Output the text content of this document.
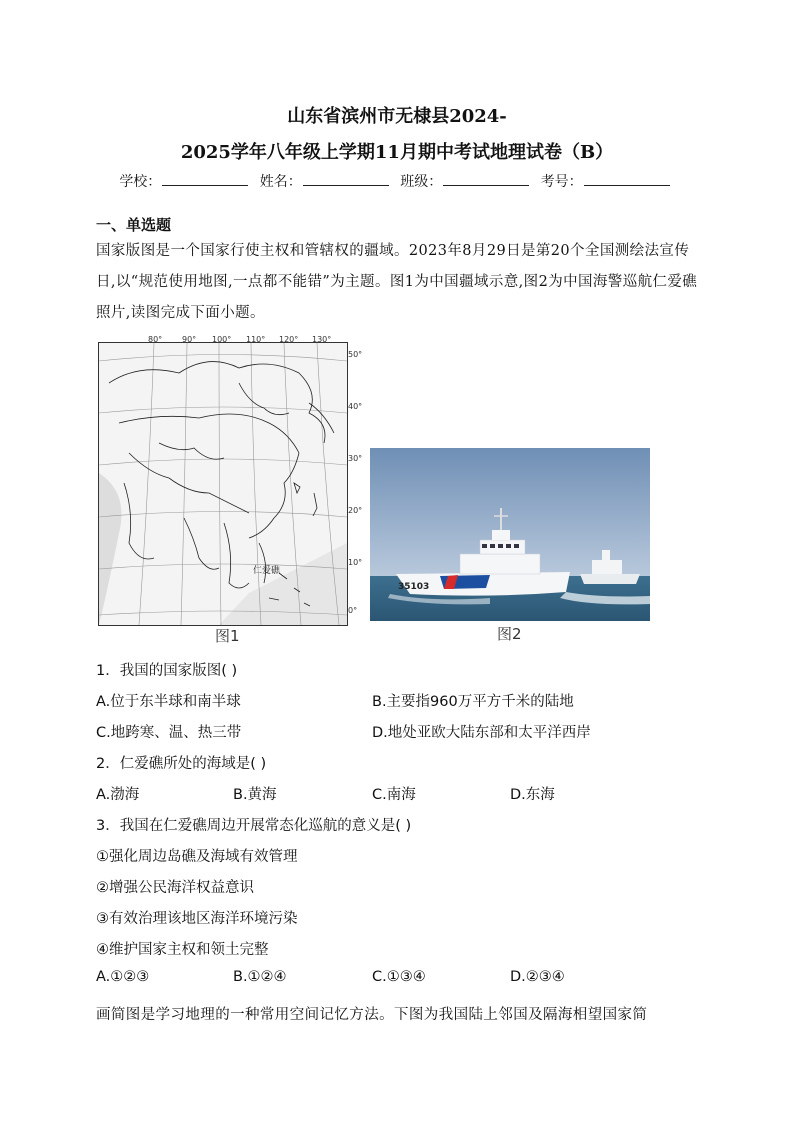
山东省滨州市无棣县2024-
2025学年八年级上学期11月期中考试地理试卷（B）
学校：	姓名：	班级：	考号：
一、单选题
国家版图是一个国家行使主权和管辖权的疆域。2023年8月29日是第20个全国测绘法宣传日,以“规范使用地图,一点都不能错”为主题。图1为中国疆域示意,图2为中国海警巡航仁爱礁照片,读图完成下面小题。
仁爱礁
80° 90° 100° 110° 120° 130°
50°
40°
30°
20°
10°
0°
图1
35103
图2
1．我国的国家版图( )
A.位于东半球和南半球	B.主要指960万平方千米的陆地
C.地跨寒、温、热三带	D.地处亚欧大陆东部和太平洋西岸
2．仁爱礁所处的海域是( )
A.渤海	B.黄海	C.南海	D.东海
3．我国在仁爱礁周边开展常态化巡航的意义是( )
①强化周边岛礁及海域有效管理
②增强公民海洋权益意识
③有效治理该地区海洋环境污染
④维护国家主权和领土完整
A.①②③	B.①②④	C.①③④	D.②③④
画简图是学习地理的一种常用空间记忆方法。下图为我国陆上邻国及隔海相望国家简
